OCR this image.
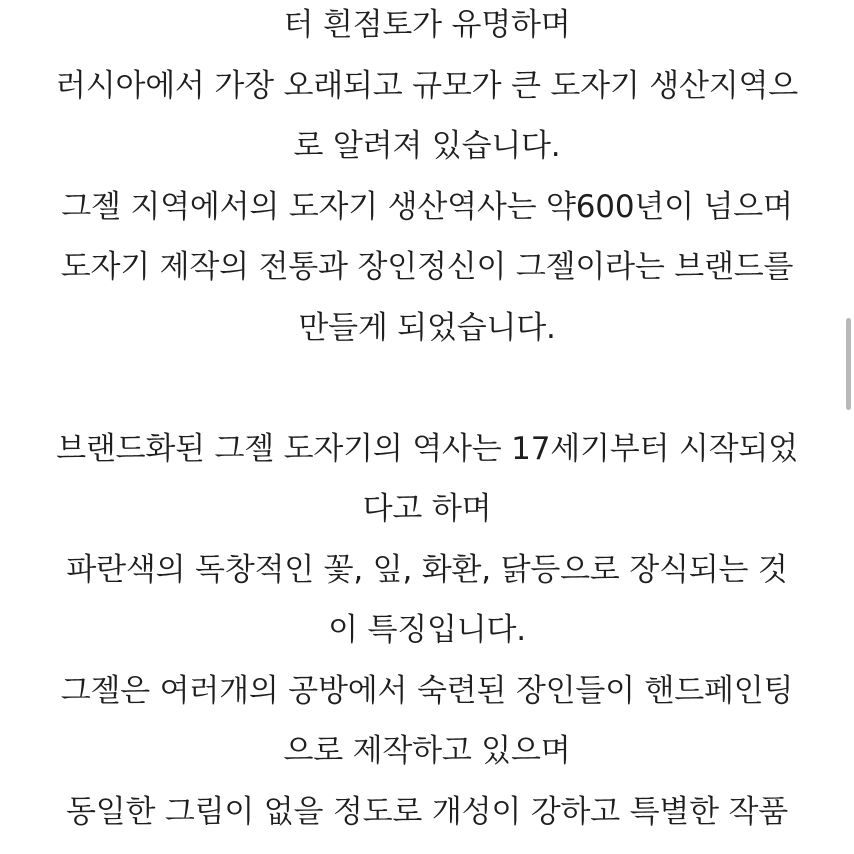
터 흰점토가 유명하며
러시아에서 가장 오래되고 규모가 큰 도자기 생산지역으
로 알려져 있습니다.
그젤 지역에서의 도자기 생산역사는 약600년이 넘으며
도자기 제작의 전통과 장인정신이 그젤이라는 브랜드를
만들게 되었습니다.
브랜드화된 그젤 도자기의 역사는 17세기부터 시작되었
다고 하며
파란색의 독창적인 꽃, 잎, 화환, 닭등으로 장식되는 것
이 특징입니다.
그젤은 여러개의 공방에서 숙련된 장인들이 핸드페인팅
으로 제작하고 있으며
동일한 그림이 없을 정도로 개성이 강하고 특별한 작품
